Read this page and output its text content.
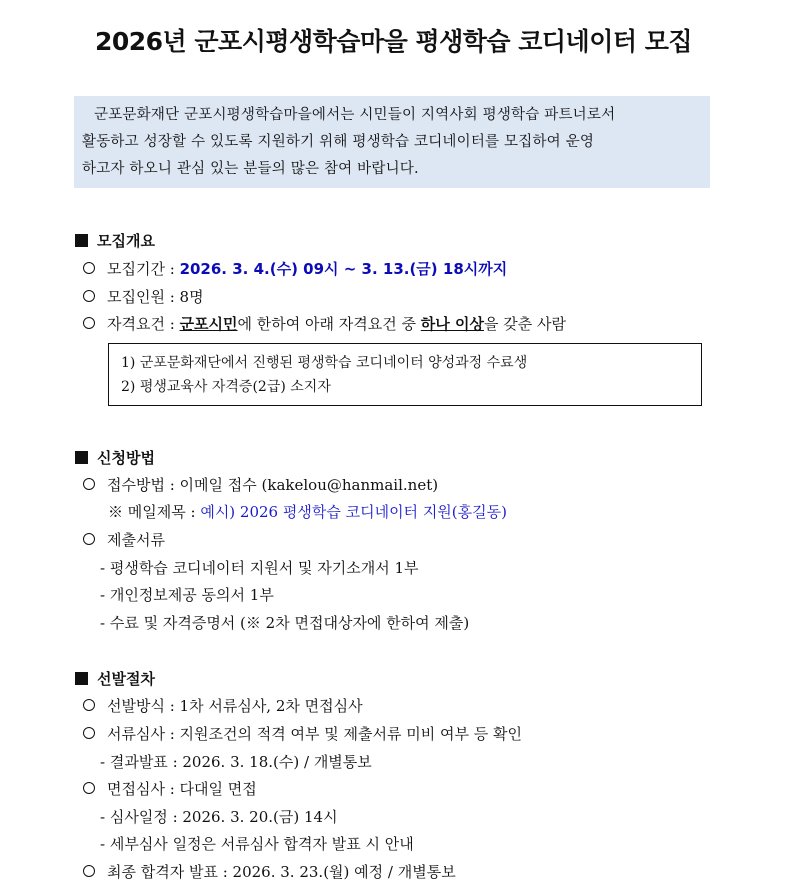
2026년 군포시평생학습마을 평생학습 코디네이터 모집
군포문화재단 군포시평생학습마을에서는 시민들이 지역사회 평생학습 파트너로서
활동하고 성장할 수 있도록 지원하기 위해 평생학습 코디네이터를 모집하여 운영
하고자 하오니 관심 있는 분들의 많은 참여 바랍니다.
모집개요
모집기간 : 2026. 3. 4.(수) 09시 ~ 3. 13.(금) 18시까지
모집인원 : 8명
자격요건 : 군포시민에 한하여 아래 자격요건 중 하나 이상을 갖춘 사람
1) 군포문화재단에서 진행된 평생학습 코디네이터 양성과정 수료생
2) 평생교육사 자격증(2급) 소지자
신청방법
접수방법 : 이메일 접수 (kakelou@hanmail.net)
※ 메일제목 : 예시) 2026 평생학습 코디네이터 지원(홍길동)
제출서류
- 평생학습 코디네이터 지원서 및 자기소개서 1부
- 개인정보제공 동의서 1부
- 수료 및 자격증명서 (※ 2차 면접대상자에 한하여 제출)
선발절차
선발방식 : 1차 서류심사, 2차 면접심사
서류심사 : 지원조건의 적격 여부 및 제출서류 미비 여부 등 확인
- 결과발표 : 2026. 3. 18.(수) / 개별통보
면접심사 : 다대일 면접
- 심사일정 : 2026. 3. 20.(금) 14시
- 세부심사 일정은 서류심사 합격자 발표 시 안내
최종 합격자 발표 : 2026. 3. 23.(월) 예정 / 개별통보
